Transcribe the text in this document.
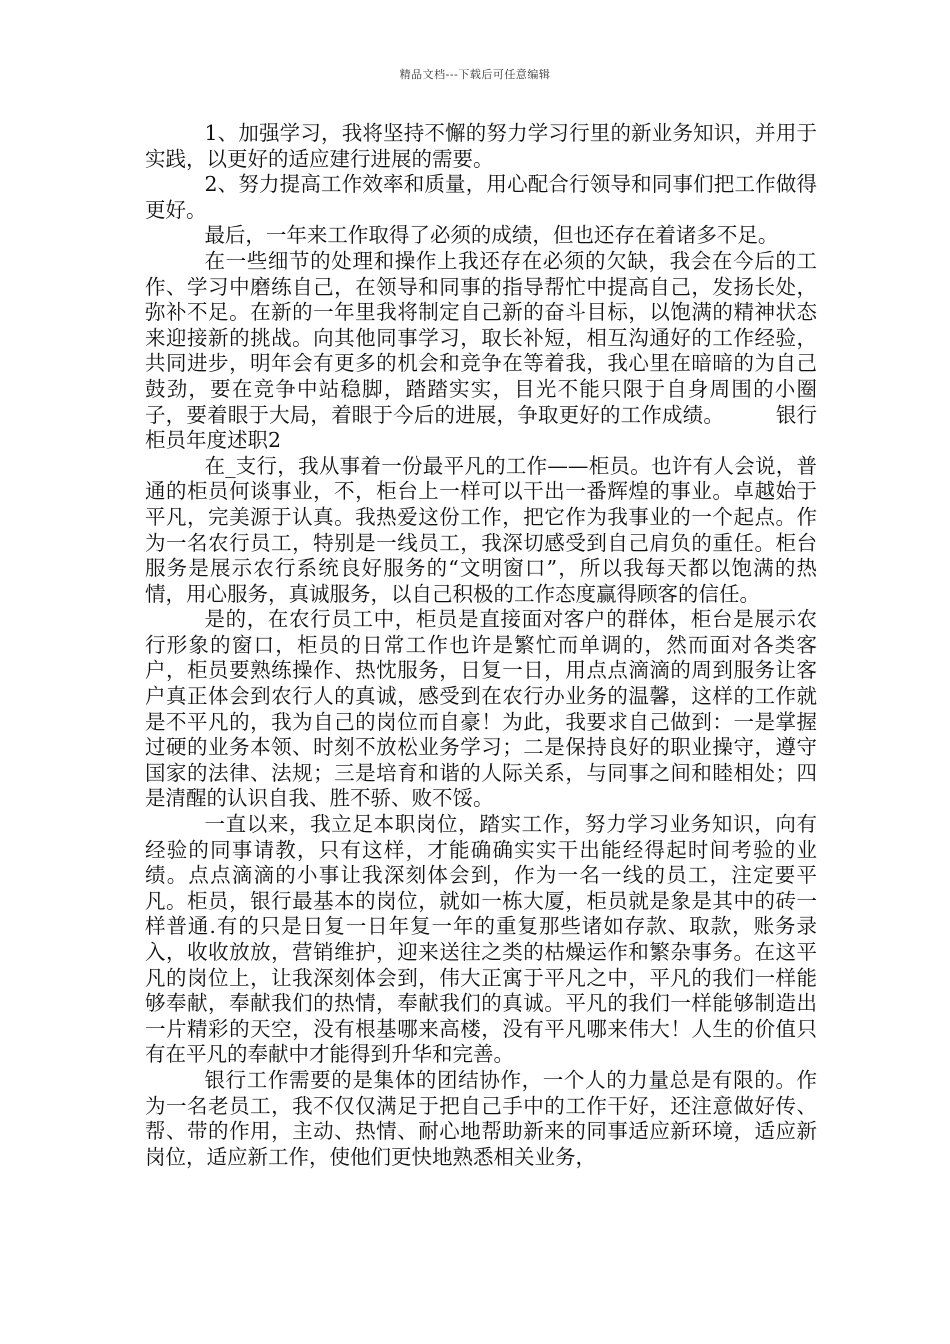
精品文档---下载后可任意编辑

1、加强学习，我将坚持不懈的努力学习行里的新业务知识，并用于实践，以更好的适应建行进展的需要。

2、努力提高工作效率和质量，用心配合行领导和同事们把工作做得更好。

最后，一年来工作取得了必须的成绩，但也还存在着诸多不足。

在一些细节的处理和操作上我还存在必须的欠缺，我会在今后的工作、学习中磨练自己，在领导和同事的指导帮忙中提高自己，发扬长处，弥补不足。在新的一年里我将制定自己新的奋斗目标，以饱满的精神状态来迎接新的挑战。向其他同事学习，取长补短，相互沟通好的工作经验，共同进步，明年会有更多的机会和竞争在等着我，我心里在暗暗的为自己鼓劲，要在竞争中站稳脚，踏踏实实，目光不能只限于自身周围的小圈子，要着眼于大局，着眼于今后的进展，争取更好的工作成绩。　　　银行柜员年度述职2

在_支行，我从事着一份最平凡的工作——柜员。也许有人会说，普通的柜员何谈事业，不，柜台上一样可以干出一番辉煌的事业。卓越始于平凡，完美源于认真。我热爱这份工作，把它作为我事业的一个起点。作为一名农行员工，特别是一线员工，我深切感受到自己肩负的重任。柜台服务是展示农行系统良好服务的“文明窗口”，所以我每天都以饱满的热情，用心服务，真诚服务，以自己积极的工作态度赢得顾客的信任。

是的，在农行员工中，柜员是直接面对客户的群体，柜台是展示农行形象的窗口，柜员的日常工作也许是繁忙而单调的，然而面对各类客户，柜员要熟练操作、热忱服务，日复一日，用点点滴滴的周到服务让客户真正体会到农行人的真诚，感受到在农行办业务的温馨，这样的工作就是不平凡的，我为自己的岗位而自豪！为此，我要求自己做到：一是掌握过硬的业务本领、时刻不放松业务学习；二是保持良好的职业操守，遵守国家的法律、法规；三是培育和谐的人际关系，与同事之间和睦相处；四是清醒的认识自我、胜不骄、败不馁。

一直以来，我立足本职岗位，踏实工作，努力学习业务知识，向有经验的同事请教，只有这样，才能确确实实干出能经得起时间考验的业绩。点点滴滴的小事让我深刻体会到，作为一名一线的员工，注定要平凡。柜员，银行最基本的岗位，就如一栋大厦，柜员就是象是其中的砖一样普通.有的只是日复一日年复一年的重复那些诸如存款、取款，账务录入，收收放放，营销维护，迎来送往之类的枯燥运作和繁杂事务。在这平凡的岗位上，让我深刻体会到，伟大正寓于平凡之中，平凡的我们一样能够奉献，奉献我们的热情，奉献我们的真诚。平凡的我们一样能够制造出一片精彩的天空，没有根基哪来高楼，没有平凡哪来伟大！人生的价值只有在平凡的奉献中才能得到升华和完善。

银行工作需要的是集体的团结协作，一个人的力量总是有限的。作为一名老员工，我不仅仅满足于把自己手中的工作干好，还注意做好传、帮、带的作用，主动、热情、耐心地帮助新来的同事适应新环境，适应新岗位，适应新工作，使他们更快地熟悉相关业务，
